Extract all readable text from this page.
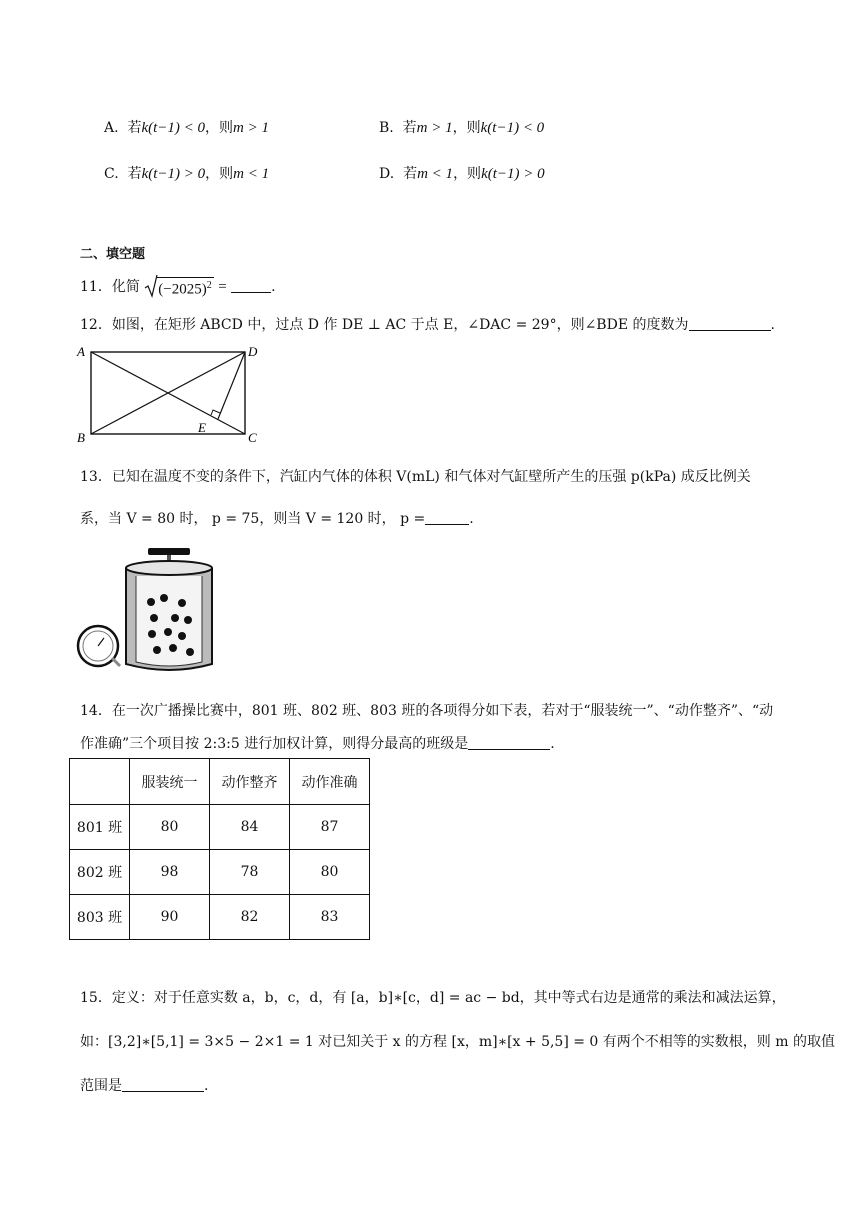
A. 若k(t−1) < 0，则m > 1	B. 若m > 1，则k(t−1) < 0
C. 若k(t−1) > 0，则m < 1	D. 若m < 1，则k(t−1) > 0
二、填空题
11．化简 $(-2025)^2$ =	.
12．如图，在矩形 ABCD 中，过点 D 作 DE ⊥ AC 于点 E，∠DAC = 29°，则∠BDE 的度数为	.
A
B	C
D
E
13．已知在温度不变的条件下，汽缸内气体的体积 V(mL) 和气体对气缸壁所产生的压强 p(kPa) 成反比例关
系，当 V = 80 时， p = 75，则当 V = 120 时， p =	.
14．在一次广播操比赛中，801 班、802 班、803 班的各项得分如下表，若对于“服装统一”、“动作整齐”、“动
作准确”三个项目按 2:3:5 进行加权计算，则得分最高的班级是	.
	服装统一	动作整齐	动作准确
801 班	80	84	87
802 班	98	78	80
803 班	90	82	83
15．定义：对于任意实数 a，b，c，d，有 [a，b]∗[c，d] = ac − bd，其中等式右边是通常的乘法和减法运算，
如：[3,2]∗[5,1] = 3×5 − 2×1 = 1 对已知关于 x 的方程 [x，m]∗[x + 5,5] = 0 有两个不相等的实数根，则 m 的取值
范围是	.
